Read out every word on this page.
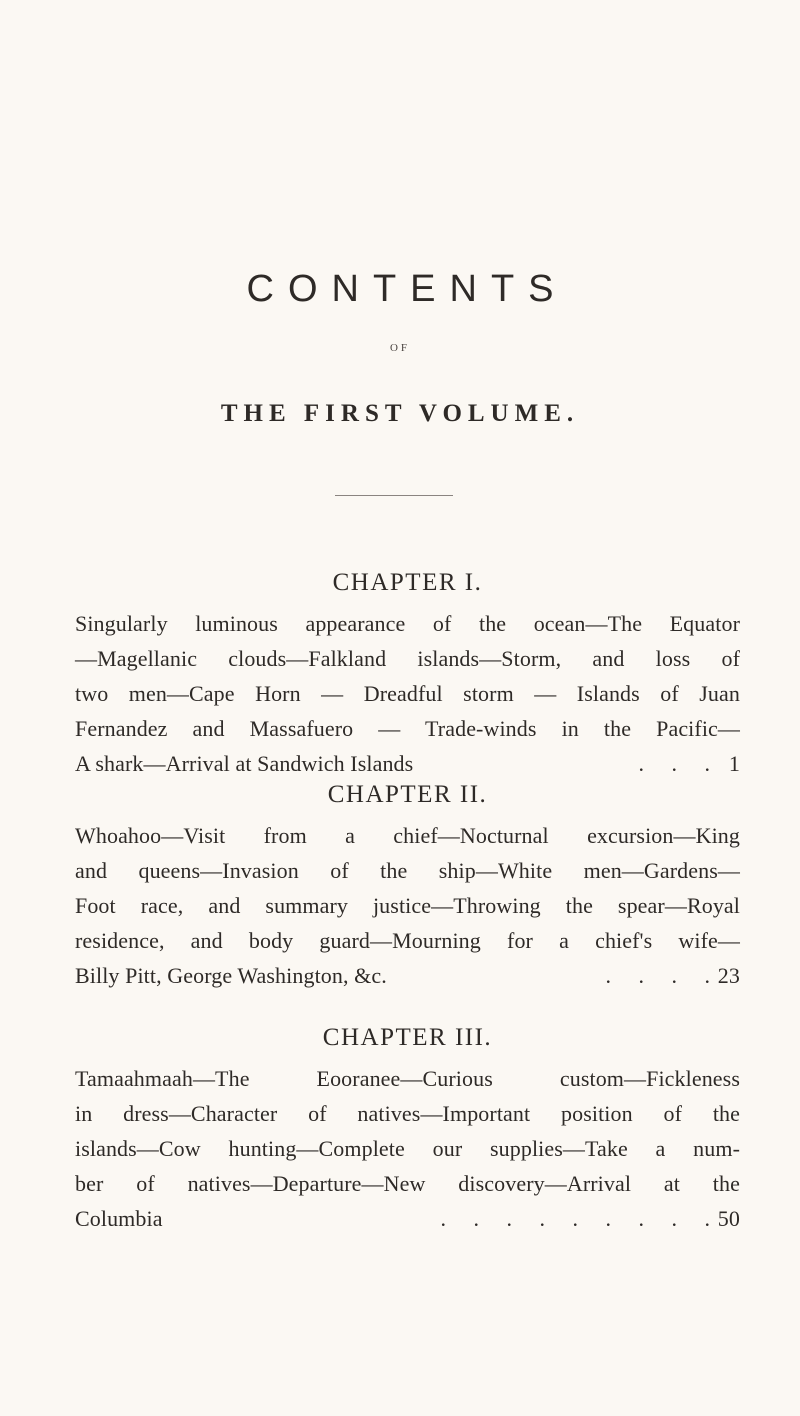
CONTENTS
OF
THE FIRST VOLUME.
CHAPTER I.
Singularly luminous appearance of the ocean—The Equator
—Magellanic clouds—Falkland islands—Storm, and loss of
two men—Cape Horn — Dreadful storm — Islands of Juan
Fernandez and Massafuero — Trade-winds in the Pacific—
A shark—Arrival at Sandwich Islands	. . . 1
CHAPTER II.
Whoahoo—Visit from a chief—Nocturnal excursion—King
and queens—Invasion of the ship—White men—Gardens—
Foot race, and summary justice—Throwing the spear—Royal
residence, and body guard—Mourning for a chief's wife—
Billy Pitt, George Washington, &c.	. . . . 23
CHAPTER III.
Tamaahmaah—The Eooranee—Curious custom—Fickleness
in dress—Character of natives—Important position of the
islands—Cow hunting—Complete our supplies—Take a num-
ber of natives—Departure—New discovery—Arrival at the
Columbia	. . . . . . . . . 50
